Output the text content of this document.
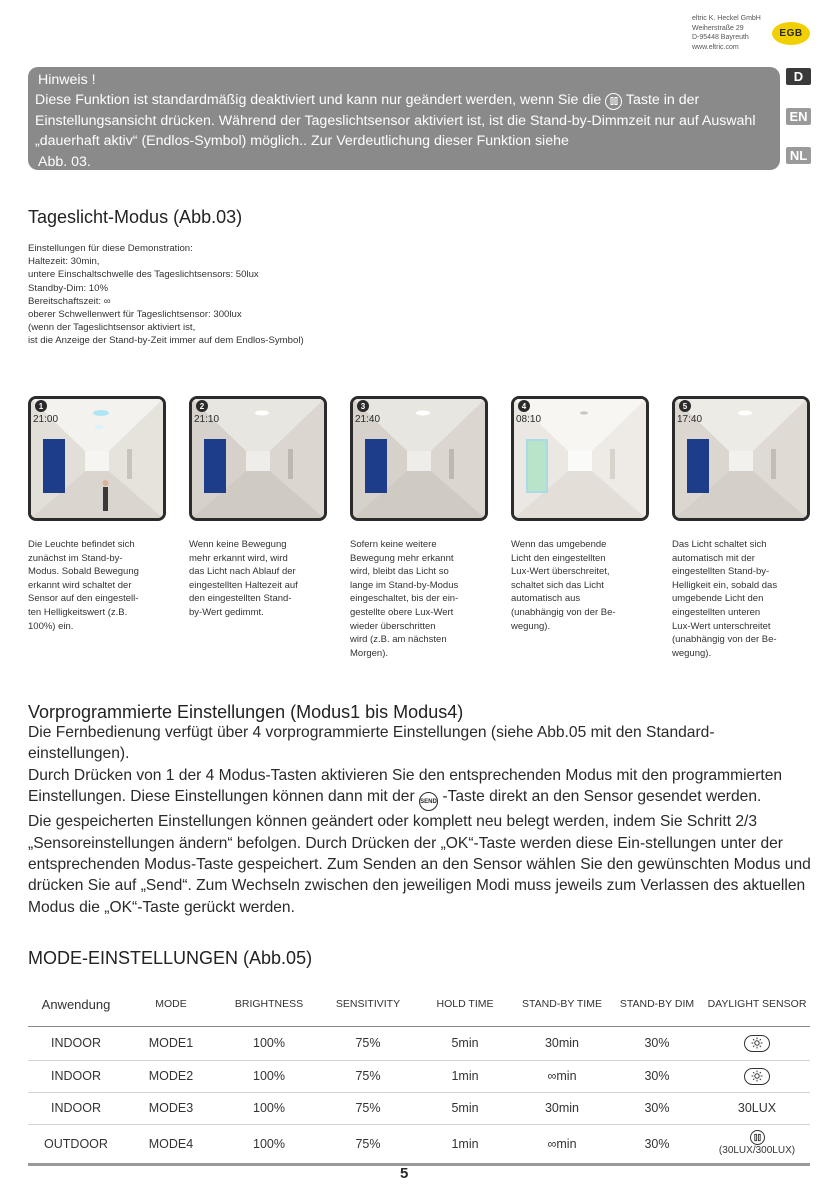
eltric K. Heckel GmbH
Weiherstraße 29
D-95448 Bayreuth
www.eltric.com
EGB
D
EN
NL
Hinweis !
Diese Funktion ist standardmäßig deaktiviert und kann nur geändert werden, wenn Sie die Taste in der Einstellungsansicht drücken. Während der Tageslichtsensor aktiviert ist, ist die Stand-by-Dimmzeit nur auf Auswahl „dauerhaft aktiv“ (Endlos-Symbol) möglich.. Zur Verdeutlichung dieser Funktion siehe
Abb. 03.
Tageslicht-Modus (Abb.03)
Einstellungen für diese Demonstration:
Haltezeit: 30min,
untere Einschaltschwelle des Tageslichtsensors: 50lux
Standby-Dim: 10%
Bereitschaftszeit: ∞
oberer Schwellenwert für Tageslichtsensor: 300lux
(wenn der Tageslichtsensor aktiviert ist,
ist die Anzeige der Stand-by-Zeit immer auf dem Endlos-Symbol)
1
21:00
2
21:10
3
21:40
4
08:10
5
17:40
Die Leuchte befindet sich
zunächst im Stand-by-
Modus. Sobald Bewegung
erkannt wird schaltet der
Sensor auf den eingestell-
ten Helligkeitswert (z.B.
100%) ein.
Wenn keine Bewegung
mehr erkannt wird, wird
das Licht nach Ablauf der
eingestellten Haltezeit auf
den eingestellten Stand-
by-Wert gedimmt.
Sofern keine weitere
Bewegung mehr erkannt
wird, bleibt das Licht so
lange im Stand-by-Modus
eingeschaltet, bis der ein-
gestellte obere Lux-Wert
wieder überschritten
wird (z.B. am nächsten
Morgen).
Wenn das umgebende
Licht den eingestellten
Lux-Wert überschreitet,
schaltet sich das Licht
automatisch aus
(unabhängig von der Be-
wegung).
Das Licht schaltet sich
automatisch mit der
eingestellten Stand-by-
Helligkeit ein, sobald das
umgebende Licht den
eingestellten unteren
Lux-Wert unterschreitet
(unabhängig von der Be-
wegung).
Vorprogrammierte Einstellungen (Modus1 bis Modus4)
Die Fernbedienung verfügt über 4 vorprogrammierte Einstellungen (siehe Abb.05 mit den Standard-einstellungen).
Durch Drücken von 1 der 4 Modus-Tasten aktivieren Sie den entsprechenden Modus mit den programmierten Einstellungen. Diese Einstellungen können dann mit der SEND -Taste direkt an den Sensor gesendet werden.
Die gespeicherten Einstellungen können geändert oder komplett neu belegt werden, indem Sie Schritt 2/3 „Sensoreinstellungen ändern“ befolgen. Durch Drücken der „OK“-Taste werden diese Ein-stellungen unter der entsprechenden Modus-Taste gespeichert. Zum Senden an den Sensor wählen Sie den gewünschten Modus und drücken Sie auf „Send“. Zum Wechseln zwischen den jeweiligen Modi muss jeweils zum Verlassen des aktuellen Modus die „OK“-Taste gerückt werden.
MODE-EINSTELLUNGEN (Abb.05)
Anwendung	MODE	BRIGHTNESS	SENSITIVITY	HOLD TIME	STAND-BY TIME	STAND-BY DIM	DAYLIGHT SENSOR
INDOOR	MODE1	100%	75%	5min	30min	30%	

INDOOR	MODE2	100%	75%	1min	∞min	30%	

INDOOR	MODE3	100%	75%	5min	30min	30%	30LUX
OUTDOOR	MODE4	100%	75%	1min	∞min	30%	(30LUX/300LUX)
5
